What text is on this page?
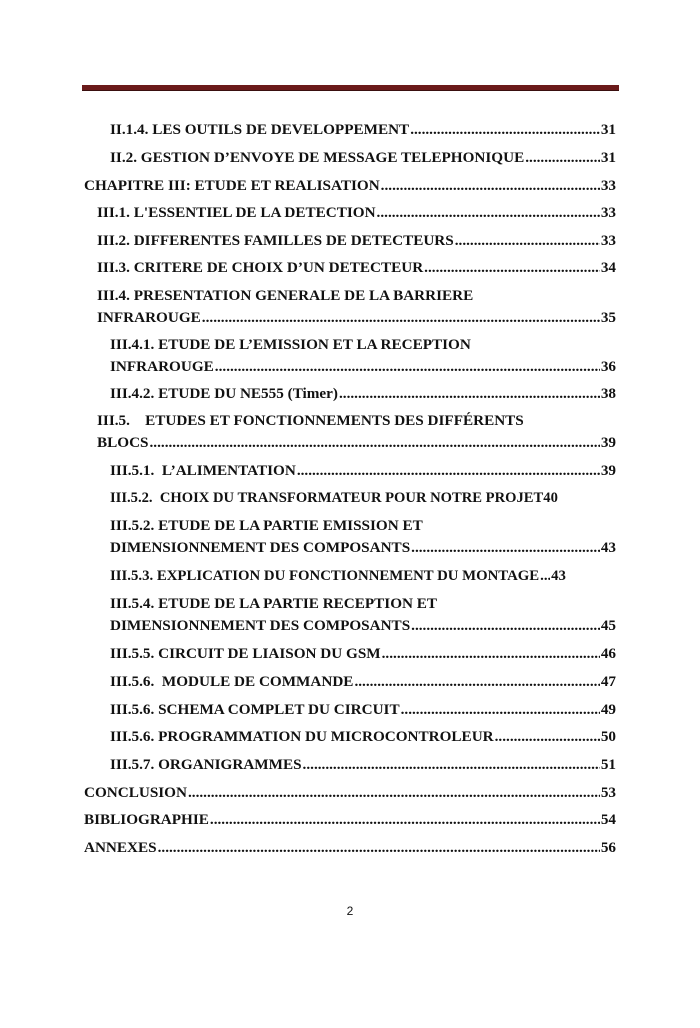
II.1.4. LES OUTILS DE DEVELOPPEMENT .....	31
II.2. GESTION D’ENVOYE DE MESSAGE TELEPHONIQUE .....	31
CHAPITRE III: ETUDE ET REALISATION .....	33
III.1. L'ESSENTIEL DE LA DETECTION .....	33
III.2. DIFFERENTES FAMILLES DE DETECTEURS .....	33
III.3. CRITERE DE CHOIX D’UN DETECTEUR .....	34
III.4. PRESENTATION GENERALE DE LA BARRIERE
INFRAROUGE .....	35
III.4.1. ETUDE DE L’EMISSION ET LA RECEPTION
INFRAROUGE .....	36
III.4.2. ETUDE DU NE555 (Timer) .....	38
III.5.    ETUDES ET FONCTIONNEMENTS DES DIFFÉRENTS
BLOCS .....	39
III.5.1.  L’ALIMENTATION .....	39
III.5.2.  CHOIX DU TRANSFORMATEUR POUR NOTRE PROJET 40
III.5.2. ETUDE DE LA PARTIE EMISSION ET
DIMENSIONNEMENT DES COMPOSANTS .....	43
III.5.3. EXPLICATION DU FONCTIONNEMENT DU MONTAGE ..... 43
III.5.4. ETUDE DE LA PARTIE RECEPTION ET
DIMENSIONNEMENT DES COMPOSANTS .....	45
III.5.5. CIRCUIT DE LIAISON DU GSM .....	46
III.5.6.  MODULE DE COMMANDE .....	47
III.5.6. SCHEMA COMPLET DU CIRCUIT .....	49
III.5.6. PROGRAMMATION DU MICROCONTROLEUR .....	50
III.5.7. ORGANIGRAMMES .....	51
CONCLUSION .....	53
BIBLIOGRAPHIE .....	54
ANNEXES .....	56
2
